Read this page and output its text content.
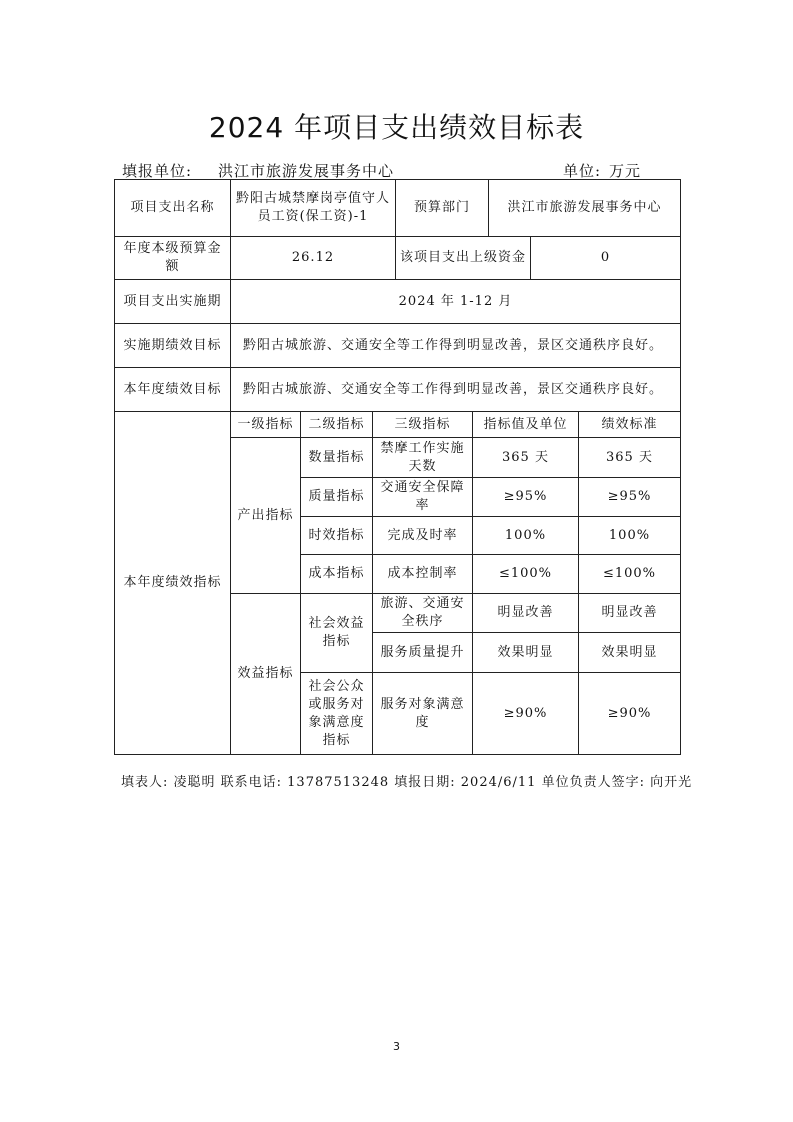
2024 年项目支出绩效目标表
填报单位: 洪江市旅游发展事务中心	单位: 万元
项目支出名称	黔阳古城禁摩岗亭值守人员工资(保工资)-1	预算部门	洪江市旅游发展事务中心
年度本级预算金额	26.12	该项目支出上级资金	0
项目支出实施期	2024 年 1-12 月
实施期绩效目标	黔阳古城旅游、交通安全等工作得到明显改善，景区交通秩序良好。
本年度绩效目标	黔阳古城旅游、交通安全等工作得到明显改善，景区交通秩序良好。
本年度绩效指标	一级指标	二级指标	三级指标	指标值及单位	绩效标准
	产出指标	数量指标	禁摩工作实施天数	365 天	365 天
		质量指标	交通安全保障率	≥95%	≥95%
		时效指标	完成及时率	100%	100%
		成本指标	成本控制率	≤100%	≤100%
	效益指标	社会效益指标	旅游、交通安全秩序	明显改善	明显改善
			服务质量提升	效果明显	效果明显
		社会公众或服务对象满意度指标	服务对象满意度	≥90%	≥90%
填表人: 凌聪明 联系电话: 13787513248 填报日期: 2024/6/11 单位负责人签字: 向开光
3
